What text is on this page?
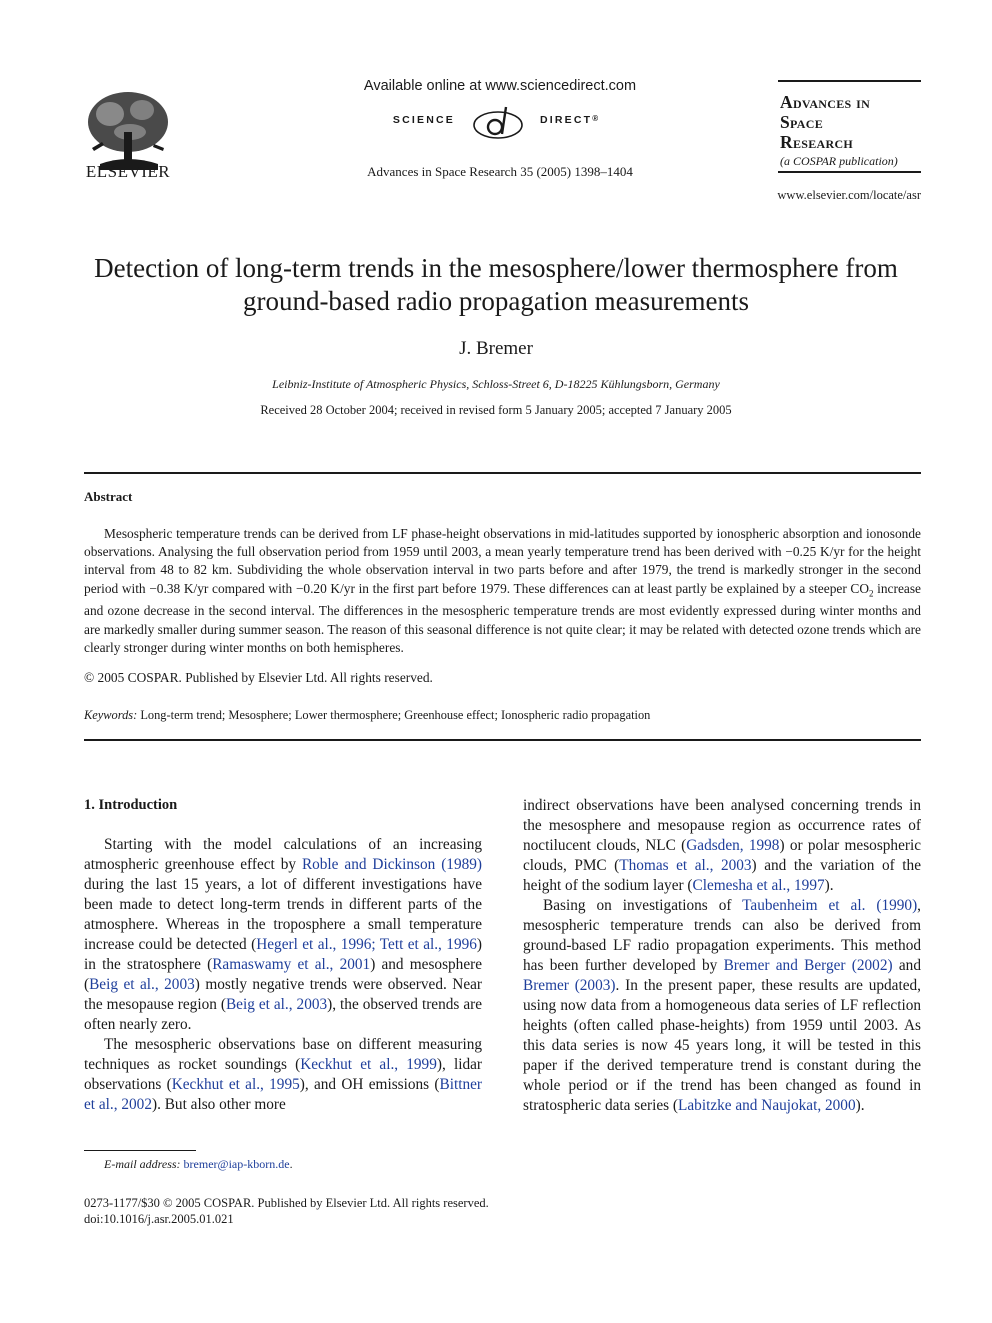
ELSEVIER
Available online at www.sciencedirect.com
SCIENCE	DIRECT®
Advances in Space Research 35 (2005) 1398–1404
Advances in
Space
Research
(a COSPAR publication)
www.elsevier.com/locate/asr
Detection of long-term trends in the mesosphere/lower thermosphere from ground-based radio propagation measurements
J. Bremer
Leibniz-Institute of Atmospheric Physics, Schloss-Street 6, D-18225 Kühlungsborn, Germany
Received 28 October 2004; received in revised form 5 January 2005; accepted 7 January 2005
Abstract
Mesospheric temperature trends can be derived from LF phase-height observations in mid-latitudes supported by ionospheric absorption and ionosonde observations. Analysing the full observation period from 1959 until 2003, a mean yearly temperature trend has been derived with −0.25 K/yr for the height interval from 48 to 82 km. Subdividing the whole observation interval in two parts before and after 1979, the trend is markedly stronger in the second period with −0.38 K/yr compared with −0.20 K/yr in the first part before 1979. These differences can at least partly be explained by a steeper $CO_2$ increase and ozone decrease in the second interval. The differences in the mesospheric temperature trends are most evidently expressed during winter months and are markedly smaller during summer season. The reason of this seasonal difference is not quite clear; it may be related with detected ozone trends which are clearly stronger during winter months on both hemispheres.
© 2005 COSPAR. Published by Elsevier Ltd. All rights reserved.
Keywords: Long-term trend; Mesosphere; Lower thermosphere; Greenhouse effect; Ionospheric radio propagation
1. Introduction

Starting with the model calculations of an increasing atmospheric greenhouse effect by Roble and Dickinson (1989) during the last 15 years, a lot of different investigations have been made to detect long-term trends in different parts of the atmosphere. Whereas in the troposphere a small temperature increase could be detected (Hegerl et al., 1996; Tett et al., 1996) in the stratosphere (Ramaswamy et al., 2001) and mesosphere (Beig et al., 2003) mostly negative trends were observed. Near the mesopause region (Beig et al., 2003), the observed trends are often nearly zero.

The mesospheric observations base on different measuring techniques as rocket soundings (Keckhut et al., 1999), lidar observations (Keckhut et al., 1995), and OH emissions (Bittner et al., 2002). But also other more

indirect observations have been analysed concerning trends in the mesosphere and mesopause region as occurrence rates of noctilucent clouds, NLC (Gadsden, 1998) or polar mesospheric clouds, PMC (Thomas et al., 2003) and the variation of the height of the sodium layer (Clemesha et al., 1997).

Basing on investigations of Taubenheim et al. (1990), mesospheric temperature trends can also be derived from ground-based LF radio propagation experiments. This method has been further developed by Bremer and Berger (2002) and Bremer (2003). In the present paper, these results are updated, using now data from a homogeneous data series of LF reflection heights (often called phase-heights) from 1959 until 2003. As this data series is now 45 years long, it will be tested in this paper if the derived temperature trend is constant during the whole period or if the trend has been changed as found in stratospheric data series (Labitzke and Naujokat, 2000).

E-mail address: bremer@iap-kborn.de.
0273-1177/$30 © 2005 COSPAR. Published by Elsevier Ltd. All rights reserved.
doi:10.1016/j.asr.2005.01.021
